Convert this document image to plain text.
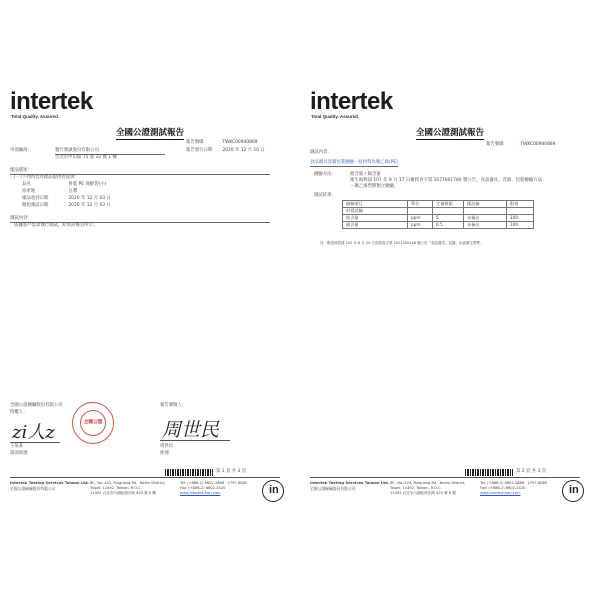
intertek
Total Quality. Assured.
全國公證測試報告
報告號碼	：TWKC00940809
報告發行日期 ：2020 年 12 月 10 日
申請廠商：	雅竹發誠股份有限公司
台北市中山區 75 巷 22 號 1 樓
樣品描述：
(一)下列內容為樣品提供者提供：
品名	：拼裝 PE 保鮮袋(小)
原產地	：台灣
樣品收到日期	：2020 年 12 月 03 日
開始測試日期	：2020 年 12 月 03 日
測試內容：
依據客戶需求執行測試，結果詳後頁所示。
全國公證檢驗股份有限公司
授權人：
zi人z
王某某
資深經理
全國公證
報告審閱人：
周世民
周世民
經理
第 1 頁 共 3 頁
Intertek Testing Services Taiwan Ltd.
全國公證檢驗股份有限公司
8F., No. 423, Ruiguang Rd., Neihu District,
Taipei, 11492, Taiwan, R.O.C.
11492 台北市內湖區瑞光路 423 號 8 樓
Tel: (+886-2) 6602-2888 · 2797-8885
Fax: (+886-2) 6602-2420
www.intertek-twn.com	in
intertek
Total Quality. Assured.
全國公證測試報告
報告號碼	：TWKC00940889
測試內容：
食品器具容器包裝檢驗－原材料為聚乙烯(PE)
檢驗方法：	鉛含量 / 鎘含量
衛生福利部 107 年 9 月 17 日衛授食字第 1071901780 號公告，食品器具、容器、包裝檢驗方法
－聚乙烯塑膠類之檢驗。
測試結果：
檢驗項目	單位	定量極限	樣品檢	限值
材質試驗				
鉛含量	ppm	5	未檢出	100
鎘含量	ppm	0.5	未檢出	100
註：限值係依據 102 年 8 月 20 日部授食字第 1021350146 號公告「食品器具、容器、包裝衛生標準」
第 2 頁 共 3 頁
Intertek Testing Services Taiwan Ltd.
全國公證檢驗股份有限公司
8F., No. 423, Ruiguang Rd., Neihu District,
Taipei, 11492, Taiwan, R.O.C.
11492 台北市內湖區瑞光路 423 號 8 樓
Tel: (+886-2) 6602-2888 · 2797-8885
Fax: (+886-2) 6602-2420
www.intertek-twn.com	in
